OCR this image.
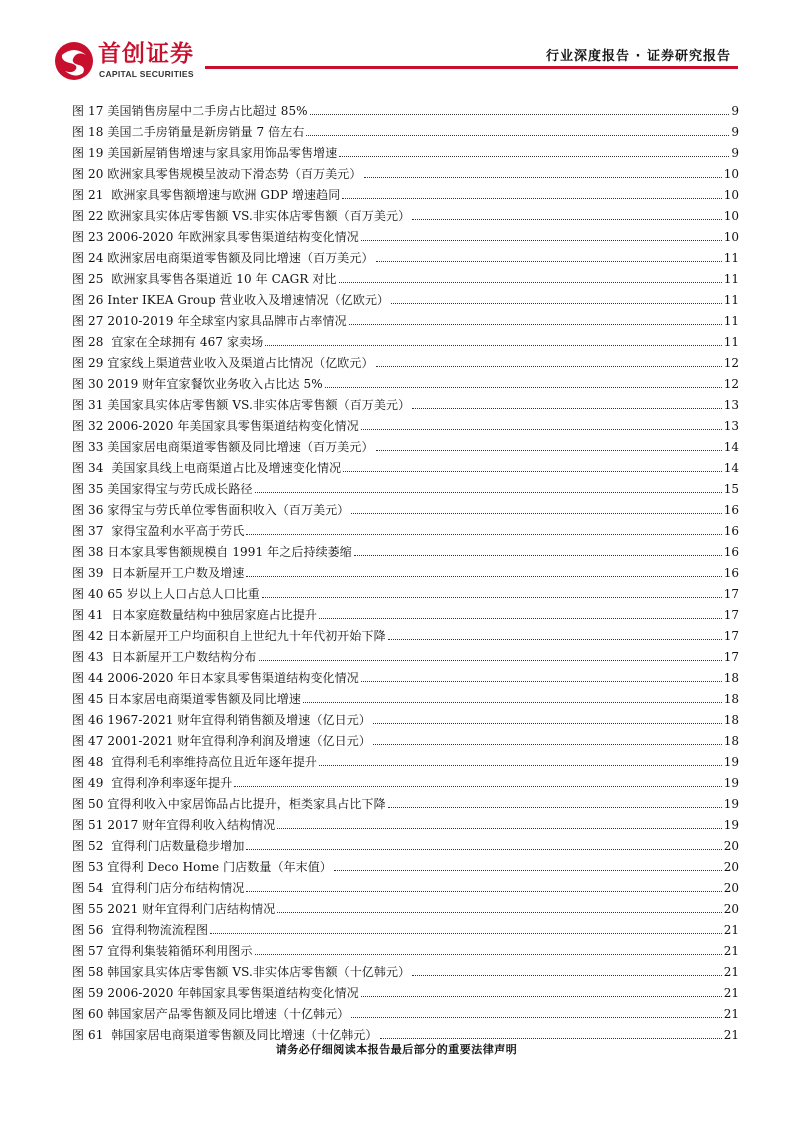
首创证券
CAPITAL SECURITIES
行业深度报告 · 证券研究报告
图 17 美国销售房屋中二手房占比超过 85%	9
图 18 美国二手房销量是新房销量 7 倍左右	9
图 19 美国新屋销售增速与家具家用饰品零售增速	9
图 20 欧洲家具零售规模呈波动下滑态势（百万美元）	10
图 21  欧洲家具零售额增速与欧洲 GDP 增速趋同	10
图 22 欧洲家具实体店零售额 VS.非实体店零售额（百万美元）	10
图 23 2006-2020 年欧洲家具零售渠道结构变化情况	10
图 24 欧洲家居电商渠道零售额及同比增速（百万美元）	11
图 25  欧洲家具零售各渠道近 10 年 CAGR 对比	11
图 26 Inter IKEA Group 营业收入及增速情况（亿欧元）	11
图 27 2010-2019 年全球室内家具品牌市占率情况	11
图 28  宜家在全球拥有 467 家卖场	11
图 29 宜家线上渠道营业收入及渠道占比情况（亿欧元）	12
图 30 2019 财年宜家餐饮业务收入占比达 5%	12
图 31 美国家具实体店零售额 VS.非实体店零售额（百万美元）	13
图 32 2006-2020 年美国家具零售渠道结构变化情况	13
图 33 美国家居电商渠道零售额及同比增速（百万美元）	14
图 34  美国家具线上电商渠道占比及增速变化情况	14
图 35 美国家得宝与劳氏成长路径	15
图 36 家得宝与劳氏单位零售面积收入（百万美元）	16
图 37  家得宝盈利水平高于劳氏	16
图 38 日本家具零售额规模自 1991 年之后持续萎缩	16
图 39  日本新屋开工户数及增速	16
图 40 65 岁以上人口占总人口比重	17
图 41  日本家庭数量结构中独居家庭占比提升	17
图 42 日本新屋开工户均面积自上世纪九十年代初开始下降	17
图 43  日本新屋开工户数结构分布	17
图 44 2006-2020 年日本家具零售渠道结构变化情况	18
图 45 日本家居电商渠道零售额及同比增速	18
图 46 1967-2021 财年宜得利销售额及增速（亿日元）	18
图 47 2001-2021 财年宜得利净利润及增速（亿日元）	18
图 48  宜得利毛利率维持高位且近年逐年提升	19
图 49  宜得利净利率逐年提升	19
图 50 宜得利收入中家居饰品占比提升，柜类家具占比下降	19
图 51 2017 财年宜得利收入结构情况	19
图 52  宜得利门店数量稳步增加	20
图 53 宜得利 Deco Home 门店数量（年末值）	20
图 54  宜得利门店分布结构情况	20
图 55 2021 财年宜得利门店结构情况	20
图 56  宜得利物流流程图	21
图 57 宜得利集装箱循环利用图示	21
图 58 韩国家具实体店零售额 VS.非实体店零售额（十亿韩元）	21
图 59 2006-2020 年韩国家具零售渠道结构变化情况	21
图 60 韩国家居产品零售额及同比增速（十亿韩元）	21
图 61  韩国家居电商渠道零售额及同比增速（十亿韩元）	21
请务必仔细阅读本报告最后部分的重要法律声明
